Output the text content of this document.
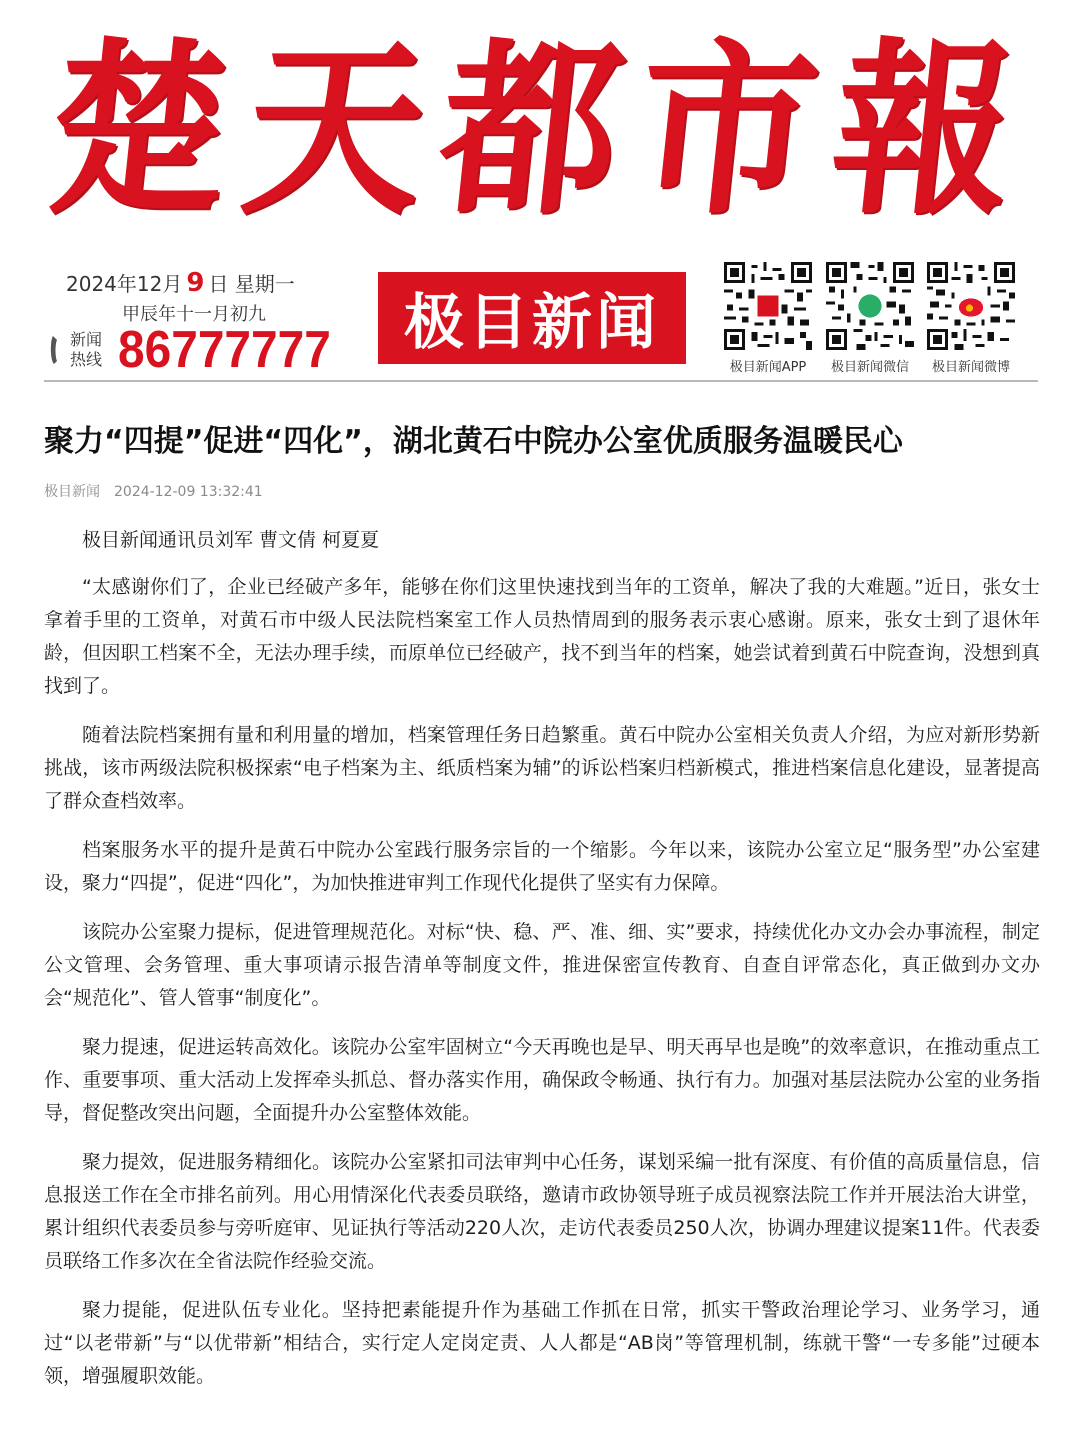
楚天都市報
2024年12月 9 日 星期一
甲辰年十一月初九
新闻
热线 86777777 极目新闻
极目新闻APP	极目新闻微信	极目新闻微博
聚力“四提”促进“四化”，湖北黄石中院办公室优质服务温暖民心
极目新闻 2024-12-09 13:32:41

极目新闻通讯员刘军 曹文倩 柯夏夏

“太感谢你们了，企业已经破产多年，能够在你们这里快速找到当年的工资单，解决了我的大难题。”近日，张女士拿着手里的工资单，对黄石市中级人民法院档案室工作人员热情周到的服务表示衷心感谢。原来，张女士到了退休年龄，但因职工档案不全，无法办理手续，而原单位已经破产，找不到当年的档案，她尝试着到黄石中院查询，没想到真找到了。

随着法院档案拥有量和利用量的增加，档案管理任务日趋繁重。黄石中院办公室相关负责人介绍，为应对新形势新挑战，该市两级法院积极探索“电子档案为主、纸质档案为辅”的诉讼档案归档新模式，推进档案信息化建设，显著提高了群众查档效率。

档案服务水平的提升是黄石中院办公室践行服务宗旨的一个缩影。今年以来，该院办公室立足“服务型”办公室建设，聚力“四提”，促进“四化”，为加快推进审判工作现代化提供了坚实有力保障。

该院办公室聚力提标，促进管理规范化。对标“快、稳、严、准、细、实”要求，持续优化办文办会办事流程，制定公文管理、会务管理、重大事项请示报告清单等制度文件，推进保密宣传教育、自查自评常态化，真正做到办文办会“规范化”、管人管事“制度化”。

聚力提速，促进运转高效化。该院办公室牢固树立“今天再晚也是早、明天再早也是晚”的效率意识，在推动重点工作、重要事项、重大活动上发挥牵头抓总、督办落实作用，确保政令畅通、执行有力。加强对基层法院办公室的业务指导，督促整改突出问题，全面提升办公室整体效能。

聚力提效，促进服务精细化。该院办公室紧扣司法审判中心任务，谋划采编一批有深度、有价值的高质量信息，信息报送工作在全市排名前列。用心用情深化代表委员联络，邀请市政协领导班子成员视察法院工作并开展法治大讲堂，累计组织代表委员参与旁听庭审、见证执行等活动220人次，走访代表委员250人次，协调办理建议提案11件。代表委员联络工作多次在全省法院作经验交流。

聚力提能，促进队伍专业化。坚持把素能提升作为基础工作抓在日常，抓实干警政治理论学习、业务学习，通过“以老带新”与“以优带新”相结合，实行定人定岗定责、人人都是“AB岗”等管理机制，练就干警“一专多能”过硬本领，增强履职效能。
